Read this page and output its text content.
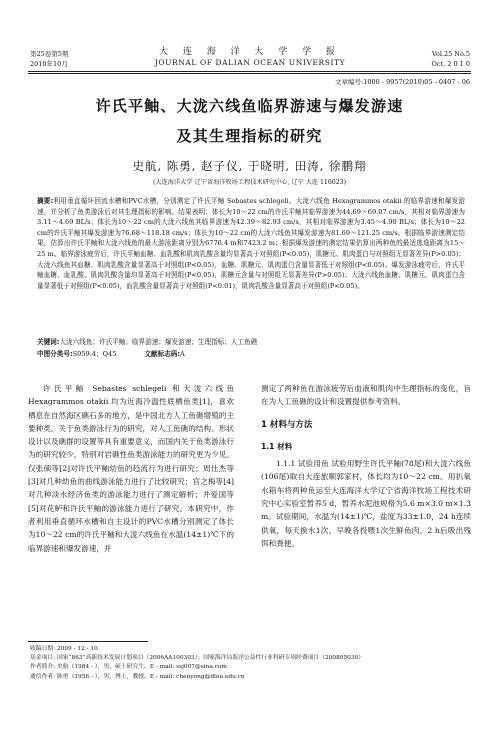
第25卷第5期
2010年10月
大 连 海 洋 大 学 学 报
JOURNAL OF DALIAN OCEAN UNIVERSITY
Vol.25 No.5
Oct. 2 0 1 0
文章编号:1000 - 9957(2010)05 - 0407 - 06
许氏平鲉、大泷六线鱼临界游速与爆发游速
及其生理指标的研究
史航, 陈勇, 赵子仪, 于晓明, 田涛, 徐鹏翔
(大连海洋大学 辽宁省海洋牧场工程技术研究中心, 辽宁 大连 116023)
摘要:利用垂直循环回流水槽和PVC水槽，分别测定了许氏平鲉 Sebastes schlegeli、大泷六线鱼 Hexagrammos otakii 的临界游速和爆发游速，并分析了鱼类游泳后对其生理指标的影响。结果表明：体长为10～22 cm的许氏平鲉其临界游速为44.69～69.07 cm/s，其相对临界游速为3.11～4.69 BL/s；体长为10～22 cm的大泷六线鱼其临界游速为42.39～82.93 cm/s，其相对临界游速为3.45～4.90 BL/s；体长为10～22 cm的许氏平鲉其爆发游速为76.68～118.18 cm/s；体长为10～22 cm的大泷六线鱼其爆发游速为81.69～121.25 cm/s。根据临界游速测定结果，估算出许氏平鲉和大泷六线鱼的最大游泳距离分别为6776.4 m和7423.2 m；根据爆发游速的测定结果估算出两种鱼的最适逃逸距离为15～25 m。临界游泳疲劳后，许氏平鲉血糖、血乳酸和肌肉乳酸含量均显著高于对照组(P<0.05)，肌糖元、肌肉蛋白与对照组无显著差异(P>0.05)；大泷六线鱼其血糖、肌肉乳酸含量显著高于对照组(P<0.05)，血糖、肌糖元、肌肉蛋白含量显著低于对照组(P<0.05)。爆发游泳疲劳后，许氏平鲉血糖、血乳酸、肌肉乳酸含量均显著高于对照组(P<0.05)，肌糖元含量与对照组无显著差异(P>0.05)；大泷六线鱼血糖、肌糖元、肌肉蛋白含量显著低于对照组(P<0.05)，血乳酸含量显著高于对照组(P<0.01)，肌肉乳酸含量显著高于对照组(P<0.05)。
关键词:大泷六线鱼；许氏平鲉；临界游速；爆发游速；生理指标；人工鱼礁
中图分类号:S959.4；Q45	文献标志码:A
许氏平鲉 Sebastes schlegeli 和大泷六线鱼 Hexagrammos otakii 均为近海冷温性底栖鱼类[1]，喜欢栖息在自然海区礁石多的地方，是中国北方人工鱼礁增殖的主要种类。关于鱼类游泳行为的研究，对人工鱼礁的结构、形状设计以及礁群的设置等具有重要意义，而国内关于鱼类游泳行为的研究较少，特别对岩礁性鱼类游泳能力的研究更为少见。仅张硕等[2]对许氏平鲉幼鱼的趋流行为进行研究；周仕杰等[3]对几种幼鱼的曲线游泳能力进行了比较研究；官之梅等[4]对几种淡水经济鱼类的游泳能力进行了测定解析；井爱国等[5]对花鲈和许氏平鲉的游泳能力进行了研究。本研究中，作者利用垂直循环水槽和自主设计的PVC水槽分别测定了体长为10～22 cm的许氏平鲉和大泷六线鱼在水温(14±1)℃下的临界游速和爆发游速，并

测定了两种鱼在游泳疲劳后血液和肌肉中生理指标的变化，旨在为人工鱼礁的设计和设置提供参考资料。

1 材料与方法

1.1 材料

1.1.1 试验用鱼 试验用野生许氏平鲉(78尾)和大泷六线鱼(106尾)取自大连旅顺郭家村，体长均为10～22 cm。用扒氧水箱车将两种鱼运至大连海洋大学辽宁省海洋牧场工程技术研究中心实验室暂养5 d，暂养水泥池规格为5.6 m×3.0 m×1.3 m。试验期间，水温为(14±1)℃，盐度为33±1.0，24 h连续供氧，每天换水1次，早晚各投喂1次生鲜鱼肉，2 h后吸出残饵和粪便。

收稿日期: 2009 - 12 - 10
基金项目: 国家“863”高新技术发展计划项目（2006AA100303）；国家海洋局海洋公益性行业科研专项经费项目（200805030）
作者简介: 史航（1984 - ），男，硕士研究生。E - mail: ssj007@sina.com
通信作者: 陈勇（1956 - ），男，博士，教授。E - mail: chenyong@dlou.edu.cn
